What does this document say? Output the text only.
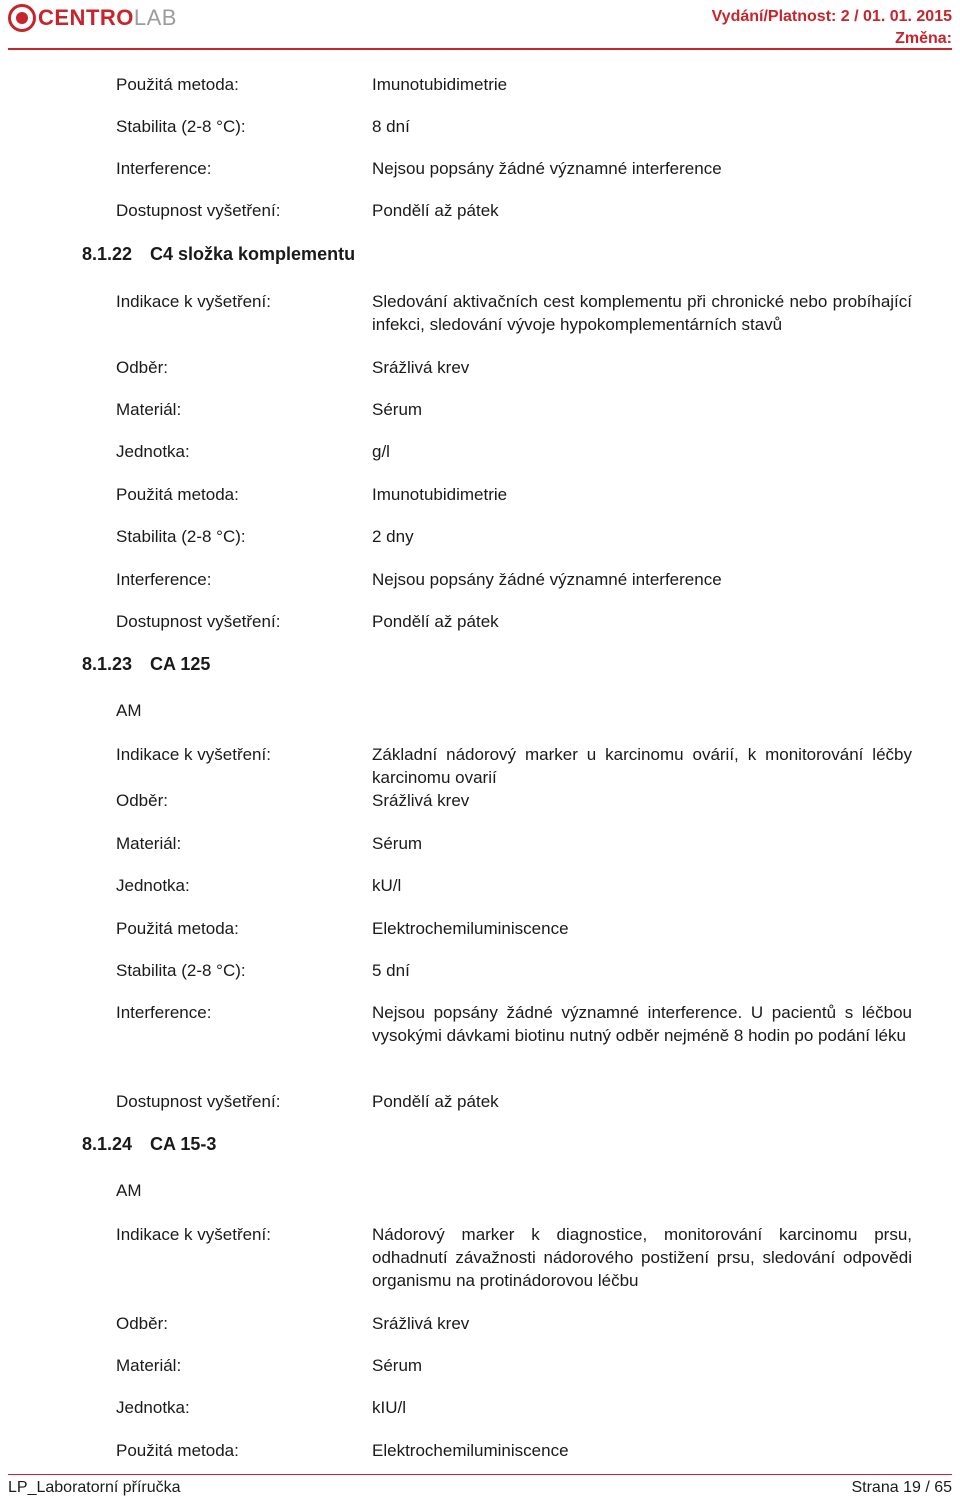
CENTROLAB	Vydání/Platnost: 2 / 01. 01. 2015
Změna:
Použitá metoda:	Imunotubidimetrie
Stabilita (2-8 °C):	8 dní
Interference:	Nejsou popsány žádné významné interference
Dostupnost vyšetření:	Pondělí až pátek
8.1.22 C4 složka komplementu
Indikace k vyšetření:	Sledování aktivačních cest komplementu při chronické nebo probíhající infekci, sledování vývoje hypokomplementárních stavů
Odběr:	Srážlivá krev
Materiál:	Sérum
Jednotka:	g/l
Použitá metoda:	Imunotubidimetrie
Stabilita (2-8 °C):	2 dny
Interference:	Nejsou popsány žádné významné interference
Dostupnost vyšetření:	Pondělí až pátek
8.1.23 CA 125
AM
Indikace k vyšetření:	Základní nádorový marker u karcinomu ovárií, k monitorování léčby karcinomu ovarií
Odběr:	Srážlivá krev
Materiál:	Sérum
Jednotka:	kU/l
Použitá metoda:	Elektrochemiluminiscence
Stabilita (2-8 °C):	5 dní
Interference:	Nejsou popsány žádné významné interference. U pacientů s léčbou vysokými dávkami biotinu nutný odběr nejméně 8 hodin po podání léku
Dostupnost vyšetření:	Pondělí až pátek
8.1.24 CA 15-3
AM
Indikace k vyšetření:	Nádorový marker k diagnostice, monitorování karcinomu prsu, odhadnutí závažnosti nádorového postižení prsu, sledování odpovědi organismu na protinádorovou léčbu
Odběr:	Srážlivá krev
Materiál:	Sérum
Jednotka:	kIU/l
Použitá metoda:	Elektrochemiluminiscence
LP_Laboratorní příručka	Strana 19 / 65
